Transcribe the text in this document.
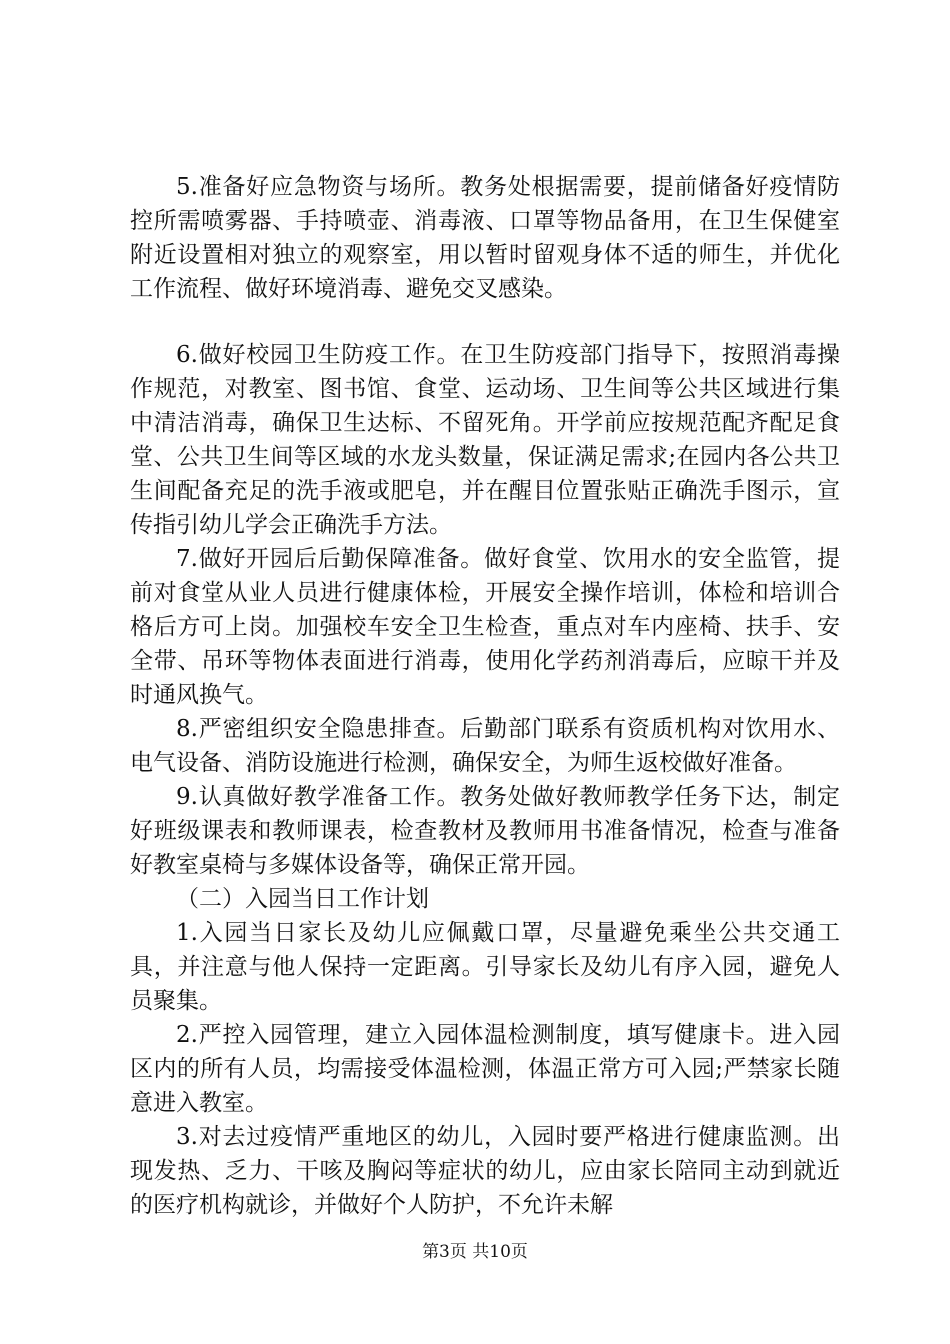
5.准备好应急物资与场所。教务处根据需要，提前储备好疫情防控所需喷雾器、手持喷壶、消毒液、口罩等物品备用，在卫生保健室附近设置相对独立的观察室，用以暂时留观身体不适的师生，并优化工作流程、做好环境消毒、避免交叉感染。

6.做好校园卫生防疫工作。在卫生防疫部门指导下，按照消毒操作规范，对教室、图书馆、食堂、运动场、卫生间等公共区域进行集中清洁消毒，确保卫生达标、不留死角。开学前应按规范配齐配足食堂、公共卫生间等区域的水龙头数量，保证满足需求;在园内各公共卫生间配备充足的洗手液或肥皂，并在醒目位置张贴正确洗手图示，宣传指引幼儿学会正确洗手方法。

7.做好开园后后勤保障准备。做好食堂、饮用水的安全监管，提前对食堂从业人员进行健康体检，开展安全操作培训，体检和培训合格后方可上岗。加强校车安全卫生检查，重点对车内座椅、扶手、安全带、吊环等物体表面进行消毒，使用化学药剂消毒后，应晾干并及时通风换气。

8.严密组织安全隐患排查。后勤部门联系有资质机构对饮用水、电气设备、消防设施进行检测，确保安全，为师生返校做好准备。

9.认真做好教学准备工作。教务处做好教师教学任务下达，制定好班级课表和教师课表，检查教材及教师用书准备情况，检查与准备好教室桌椅与多媒体设备等，确保正常开园。

（二）入园当日工作计划

1.入园当日家长及幼儿应佩戴口罩，尽量避免乘坐公共交通工具，并注意与他人保持一定距离。引导家长及幼儿有序入园，避免人员聚集。

2.严控入园管理，建立入园体温检测制度，填写健康卡。进入园区内的所有人员，均需接受体温检测，体温正常方可入园;严禁家长随意进入教室。

3.对去过疫情严重地区的幼儿，入园时要严格进行健康监测。出现发热、乏力、干咳及胸闷等症状的幼儿，应由家长陪同主动到就近的医疗机构就诊，并做好个人防护，不允许未解

第3页 共10页
